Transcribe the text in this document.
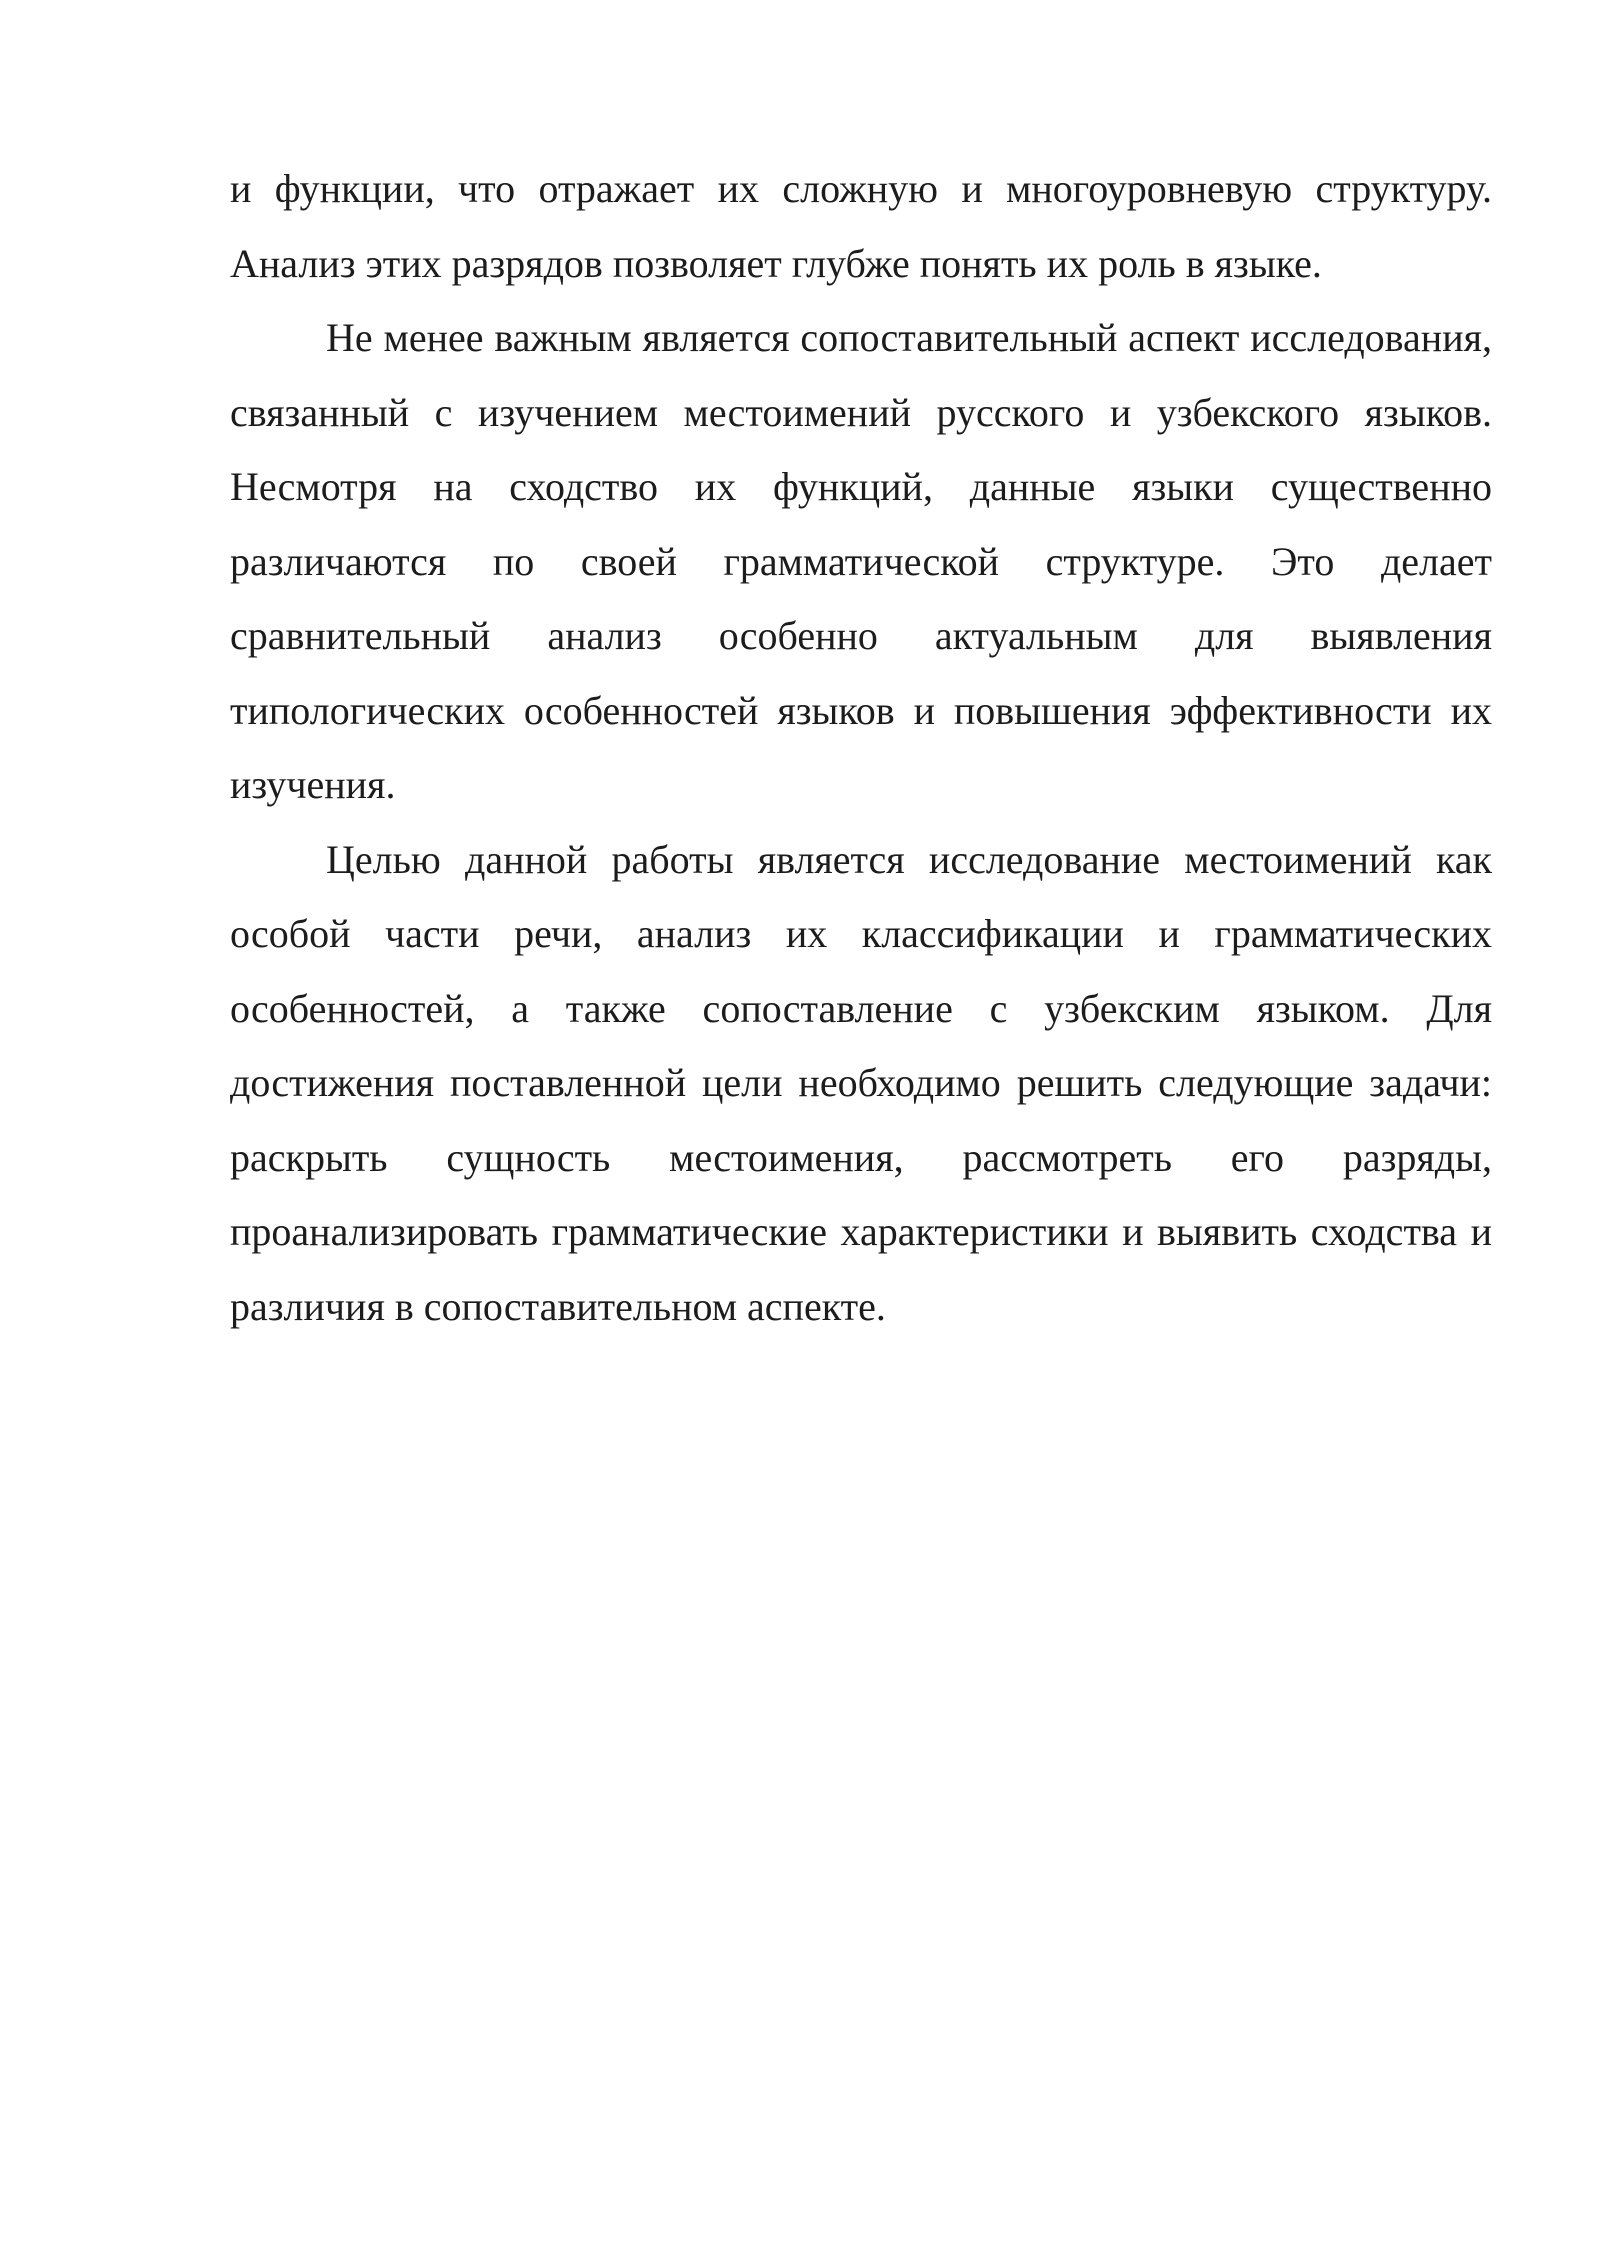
и функции, что отражает их сложную и многоуровневую структуру. Анализ этих разрядов позволяет глубже понять их роль в языке.

Не менее важным является сопоставительный аспект исследования, связанный с изучением местоимений русского и узбекского языков. Несмотря на сходство их функций, данные языки существенно различаются по своей грамматической структуре. Это делает сравнительный анализ особенно актуальным для выявления типологических особенностей языков и повышения эффективности их изучения.

Целью данной работы является исследование местоимений как особой части речи, анализ их классификации и грамматических особенностей, а также сопоставление с узбекским языком. Для достижения поставленной цели необходимо решить следующие задачи: раскрыть сущность местоимения, рассмотреть его разряды, проанализировать грамматические характеристики и выявить сходства и различия в сопоставительном аспекте.
